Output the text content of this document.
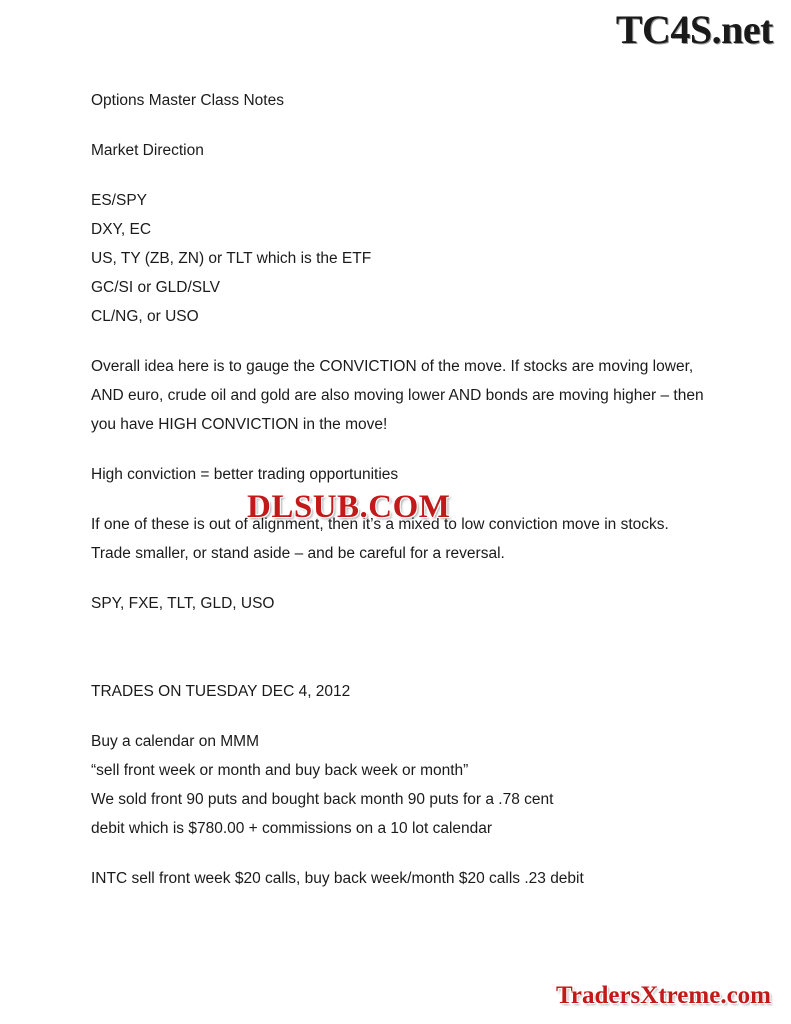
TC4S.net

Options Master Class Notes

Market Direction

ES/SPY
DXY, EC
US, TY (ZB, ZN) or TLT which is the ETF
GC/SI or GLD/SLV
CL/NG, or USO

Overall idea here is to gauge the CONVICTION of the move. If stocks are moving lower, AND euro, crude oil and gold are also moving lower AND bonds are moving higher – then you have HIGH CONVICTION in the move!

High conviction = better trading opportunities

If one of these is out of alignment, then it’s a mixed to low conviction move in stocks. Trade smaller, or stand aside – and be careful for a reversal.

SPY, FXE, TLT, GLD, USO

TRADES ON TUESDAY DEC 4, 2012

Buy a calendar on MMM
“sell front week or month and buy back week or month”
We sold front 90 puts and bought back month 90 puts for a .78 cent
debit which is $780.00 + commissions on a 10 lot calendar

INTC sell front week $20 calls, buy back week/month $20 calls .23 debit

DLSUB.COM
TradersXtreme.com
